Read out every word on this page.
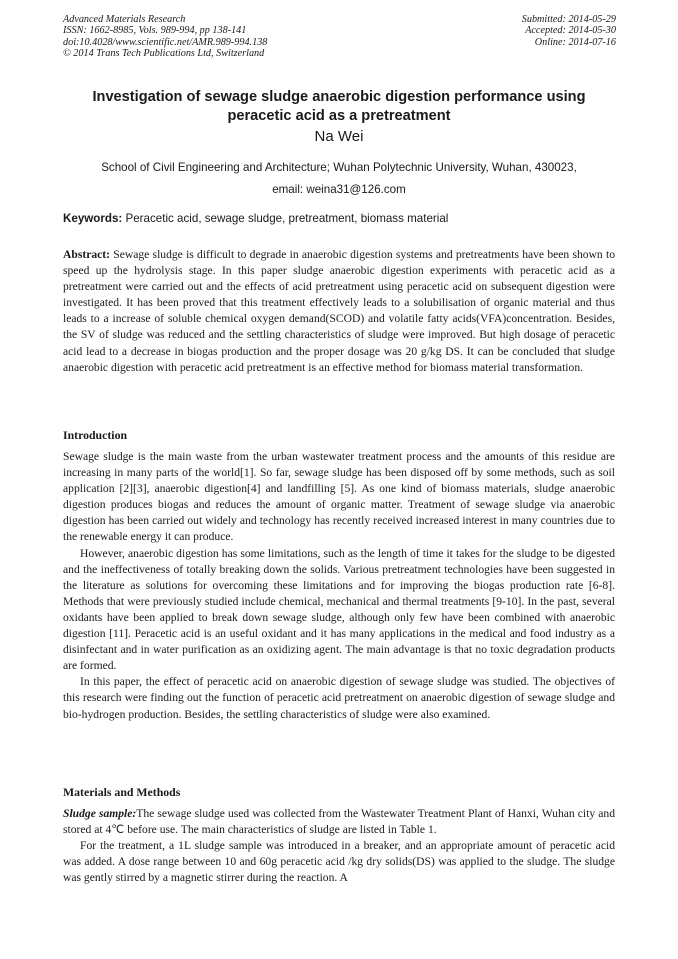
Advanced Materials Research
ISSN: 1662-8985, Vols. 989-994, pp 138-141
doi:10.4028/www.scientific.net/AMR.989-994.138
© 2014 Trans Tech Publications Ltd, Switzerland
Submitted: 2014-05-29
Accepted: 2014-05-30
Online: 2014-07-16
Investigation of sewage sludge anaerobic digestion performance using
peracetic acid as a pretreatment
Na Wei
School of Civil Engineering and Architecture; Wuhan Polytechnic University, Wuhan, 430023,
email: weina31@126.com
Keywords: Peracetic acid, sewage sludge, pretreatment, biomass material

Abstract: Sewage sludge is difficult to degrade in anaerobic digestion systems and pretreatments have been shown to speed up the hydrolysis stage. In this paper sludge anaerobic digestion experiments with peracetic acid as a pretreatment were carried out and the effects of acid pretreatment using peracetic acid on subsequent digestion were investigated. It has been proved that this treatment effectively leads to a solubilisation of organic material and thus leads to a increase of soluble chemical oxygen demand(SCOD) and volatile fatty acids(VFA)concentration. Besides, the SV of sludge was reduced and the settling characteristics of sludge were improved. But high dosage of peracetic acid lead to a decrease in biogas production and the proper dosage was 20 g/kg DS. It can be concluded that sludge anaerobic digestion with peracetic acid pretreatment is an effective method for biomass material transformation.

Introduction

Sewage sludge is the main waste from the urban wastewater treatment process and the amounts of this residue are increasing in many parts of the world[1]. So far, sewage sludge has been disposed off by some methods, such as soil application [2][3], anaerobic digestion[4] and landfilling [5]. As one kind of biomass materials, sludge anaerobic digestion produces biogas and reduces the amount of organic matter. Treatment of sewage sludge via anaerobic digestion has been carried out widely and technology has recently received increased interest in many countries due to the renewable energy it can produce.

However, anaerobic digestion has some limitations, such as the length of time it takes for the sludge to be digested and the ineffectiveness of totally breaking down the solids. Various pretreatment technologies have been suggested in the literature as solutions for overcoming these limitations and for improving the biogas production rate [6-8]. Methods that were previously studied include chemical, mechanical and thermal treatments [9-10]. In the past, several oxidants have been applied to break down sewage sludge, although only few have been combined with anaerobic digestion [11]. Peracetic acid is an useful oxidant and it has many applications in the medical and food industry as a disinfectant and in water purification as an oxidizing agent. The main advantage is that no toxic degradation products are formed.

In this paper, the effect of peracetic acid on anaerobic digestion of sewage sludge was studied. The objectives of this research were finding out the function of peracetic acid pretreatment on anaerobic digestion of sewage sludge and bio-hydrogen production. Besides, the settling characteristics of sludge were also examined.

Materials and Methods

Sludge sample:The sewage sludge used was collected from the Wastewater Treatment Plant of Hanxi, Wuhan city and stored at 4℃ before use. The main characteristics of sludge are listed in Table 1.

For the treatment, a 1L sludge sample was introduced in a breaker, and an appropriate amount of peracetic acid was added. A dose range between 10 and 60g peracetic acid /kg dry solids(DS) was applied to the sludge. The sludge was gently stirred by a magnetic stirrer during the reaction. A
